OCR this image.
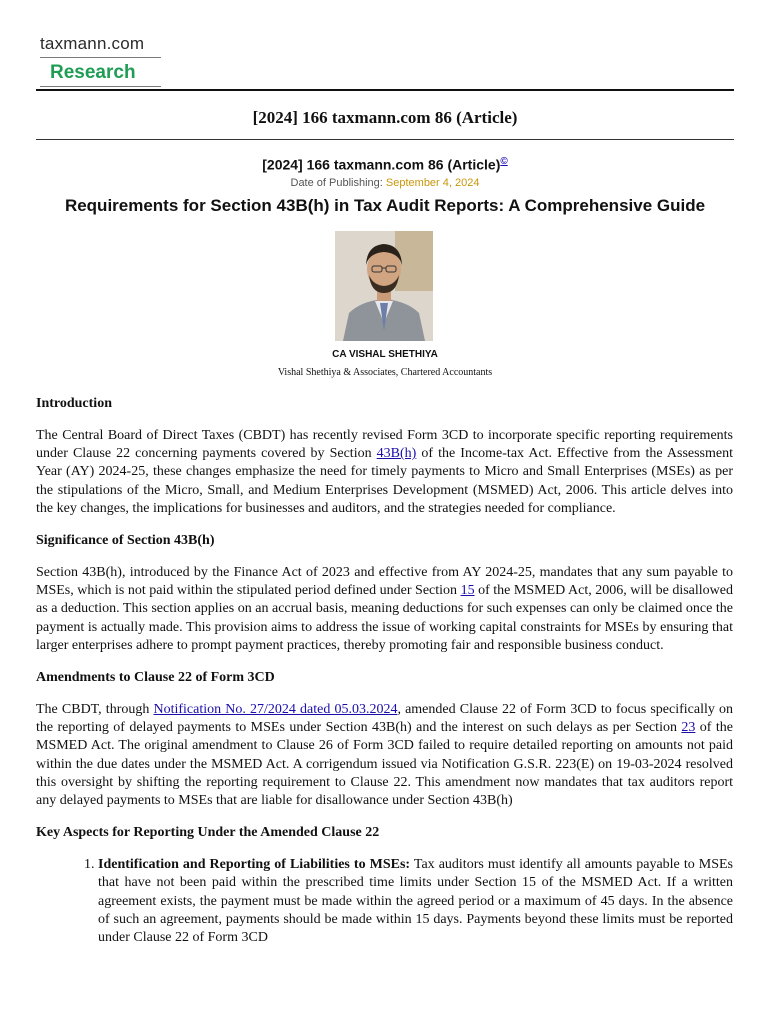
taxmann.com
Research
[2024] 166 taxmann.com 86 (Article)
[2024] 166 taxmann.com 86 (Article)©
Date of Publishing: September 4, 2024
Requirements for Section 43B(h) in Tax Audit Reports: A Comprehensive Guide
CA VISHAL SHETHIYA
Vishal Shethiya & Associates, Chartered Accountants
Introduction

The Central Board of Direct Taxes (CBDT) has recently revised Form 3CD to incorporate specific reporting requirements under Clause 22 concerning payments covered by Section 43B(h) of the Income-tax Act. Effective from the Assessment Year (AY) 2024-25, these changes emphasize the need for timely payments to Micro and Small Enterprises (MSEs) as per the stipulations of the Micro, Small, and Medium Enterprises Development (MSMED) Act, 2006. This article delves into the key changes, the implications for businesses and auditors, and the strategies needed for compliance.

Significance of Section 43B(h)

Section 43B(h), introduced by the Finance Act of 2023 and effective from AY 2024-25, mandates that any sum payable to MSEs, which is not paid within the stipulated period defined under Section 15 of the MSMED Act, 2006, will be disallowed as a deduction. This section applies on an accrual basis, meaning deductions for such expenses can only be claimed once the payment is actually made. This provision aims to address the issue of working capital constraints for MSEs by ensuring that larger enterprises adhere to prompt payment practices, thereby promoting fair and responsible business conduct.

Amendments to Clause 22 of Form 3CD

The CBDT, through Notification No. 27/2024 dated 05.03.2024, amended Clause 22 of Form 3CD to focus specifically on the reporting of delayed payments to MSEs under Section 43B(h) and the interest on such delays as per Section 23 of the MSMED Act. The original amendment to Clause 26 of Form 3CD failed to require detailed reporting on amounts not paid within the due dates under the MSMED Act. A corrigendum issued via Notification G.S.R. 223(E) on 19-03-2024 resolved this oversight by shifting the reporting requirement to Clause 22. This amendment now mandates that tax auditors report any delayed payments to MSEs that are liable for disallowance under Section 43B(h)

Key Aspects for Reporting Under the Amended Clause 22
1. Identification and Reporting of Liabilities to MSEs: Tax auditors must identify all amounts payable to MSEs that have not been paid within the prescribed time limits under Section 15 of the MSMED Act. If a written agreement exists, the payment must be made within the agreed period or a maximum of 45 days. In the absence of such an agreement, payments should be made within 15 days. Payments beyond these limits must be reported under Clause 22 of Form 3CD
